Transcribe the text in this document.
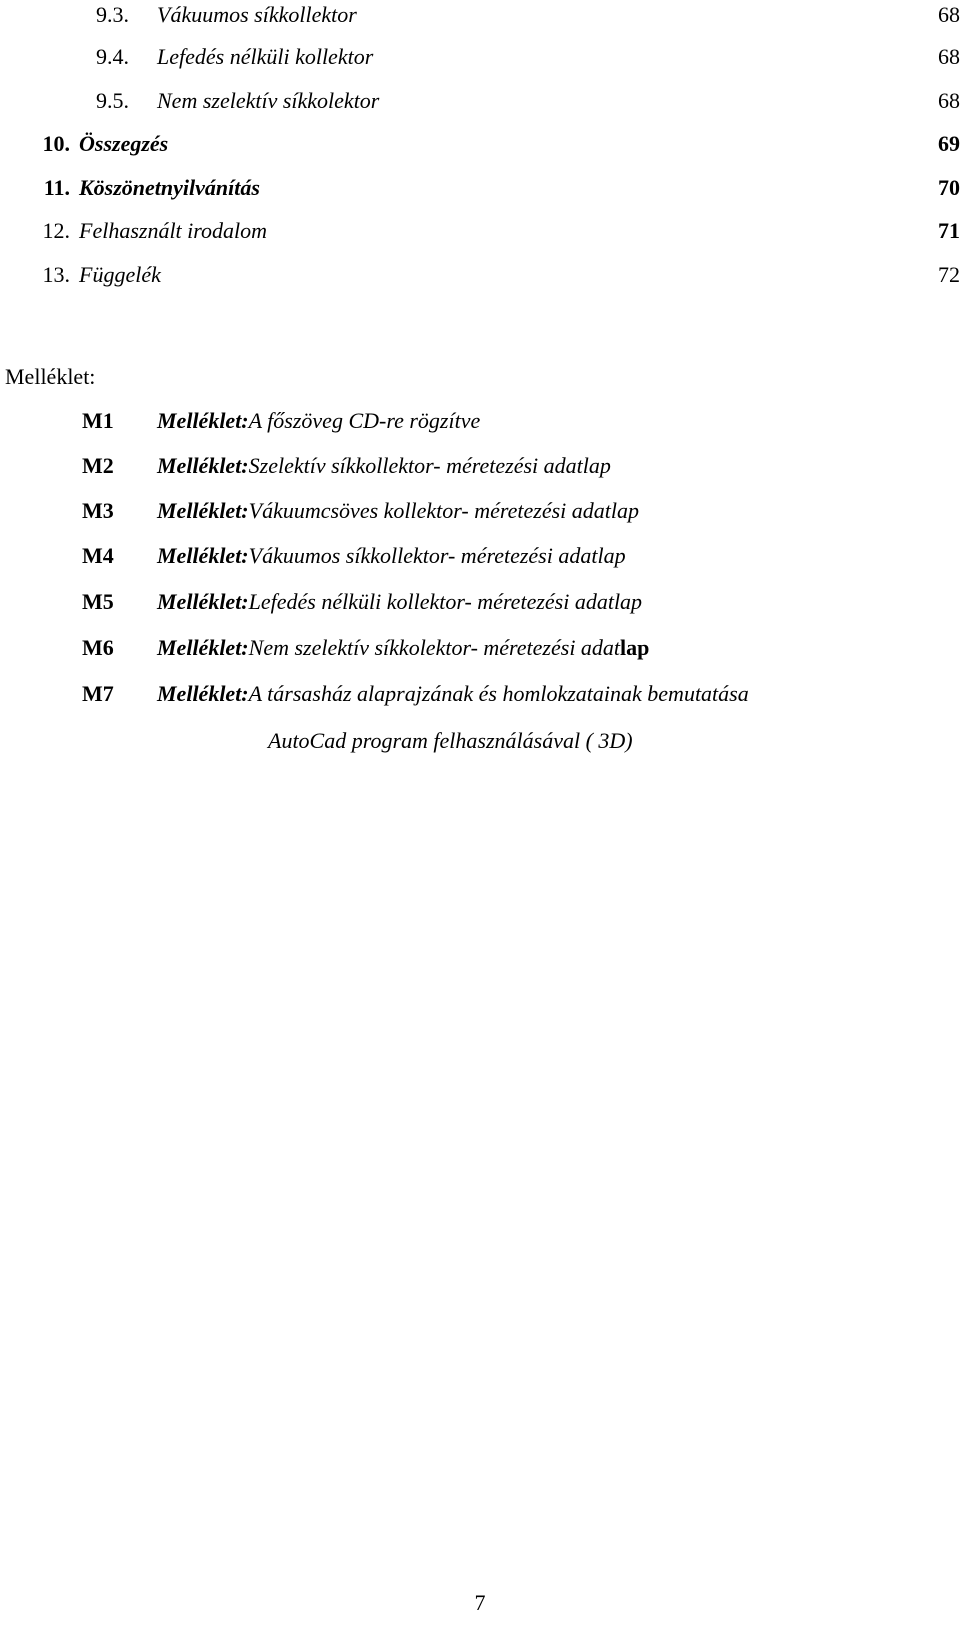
9.3. Vákuumos síkkollektor	68
9.4. Lefedés nélküli kollektor	68
9.5. Nem szelektív síkkolektor	68
10. Összegzés	69
11. Köszönetnyilvánítás	70
12. Felhasznált irodalom	71
13. Függelék	72
Melléklet:
M1 Melléklet:A főszöveg CD-re rögzítve
M2 Melléklet:Szelektív síkkollektor- méretezési adatlap
M3 Melléklet:Vákuumcsöves kollektor- méretezési adatlap
M4 Melléklet:Vákuumos síkkollektor- méretezési adatlap
M5 Melléklet:Lefedés nélküli kollektor- méretezési adatlap
M6 Melléklet:Nem szelektív síkkolektor- méretezési adatlap
M7 Melléklet:A társasház alaprajzának és homlokzatainak bemutatása
AutoCad program felhasználásával ( 3D)
7
